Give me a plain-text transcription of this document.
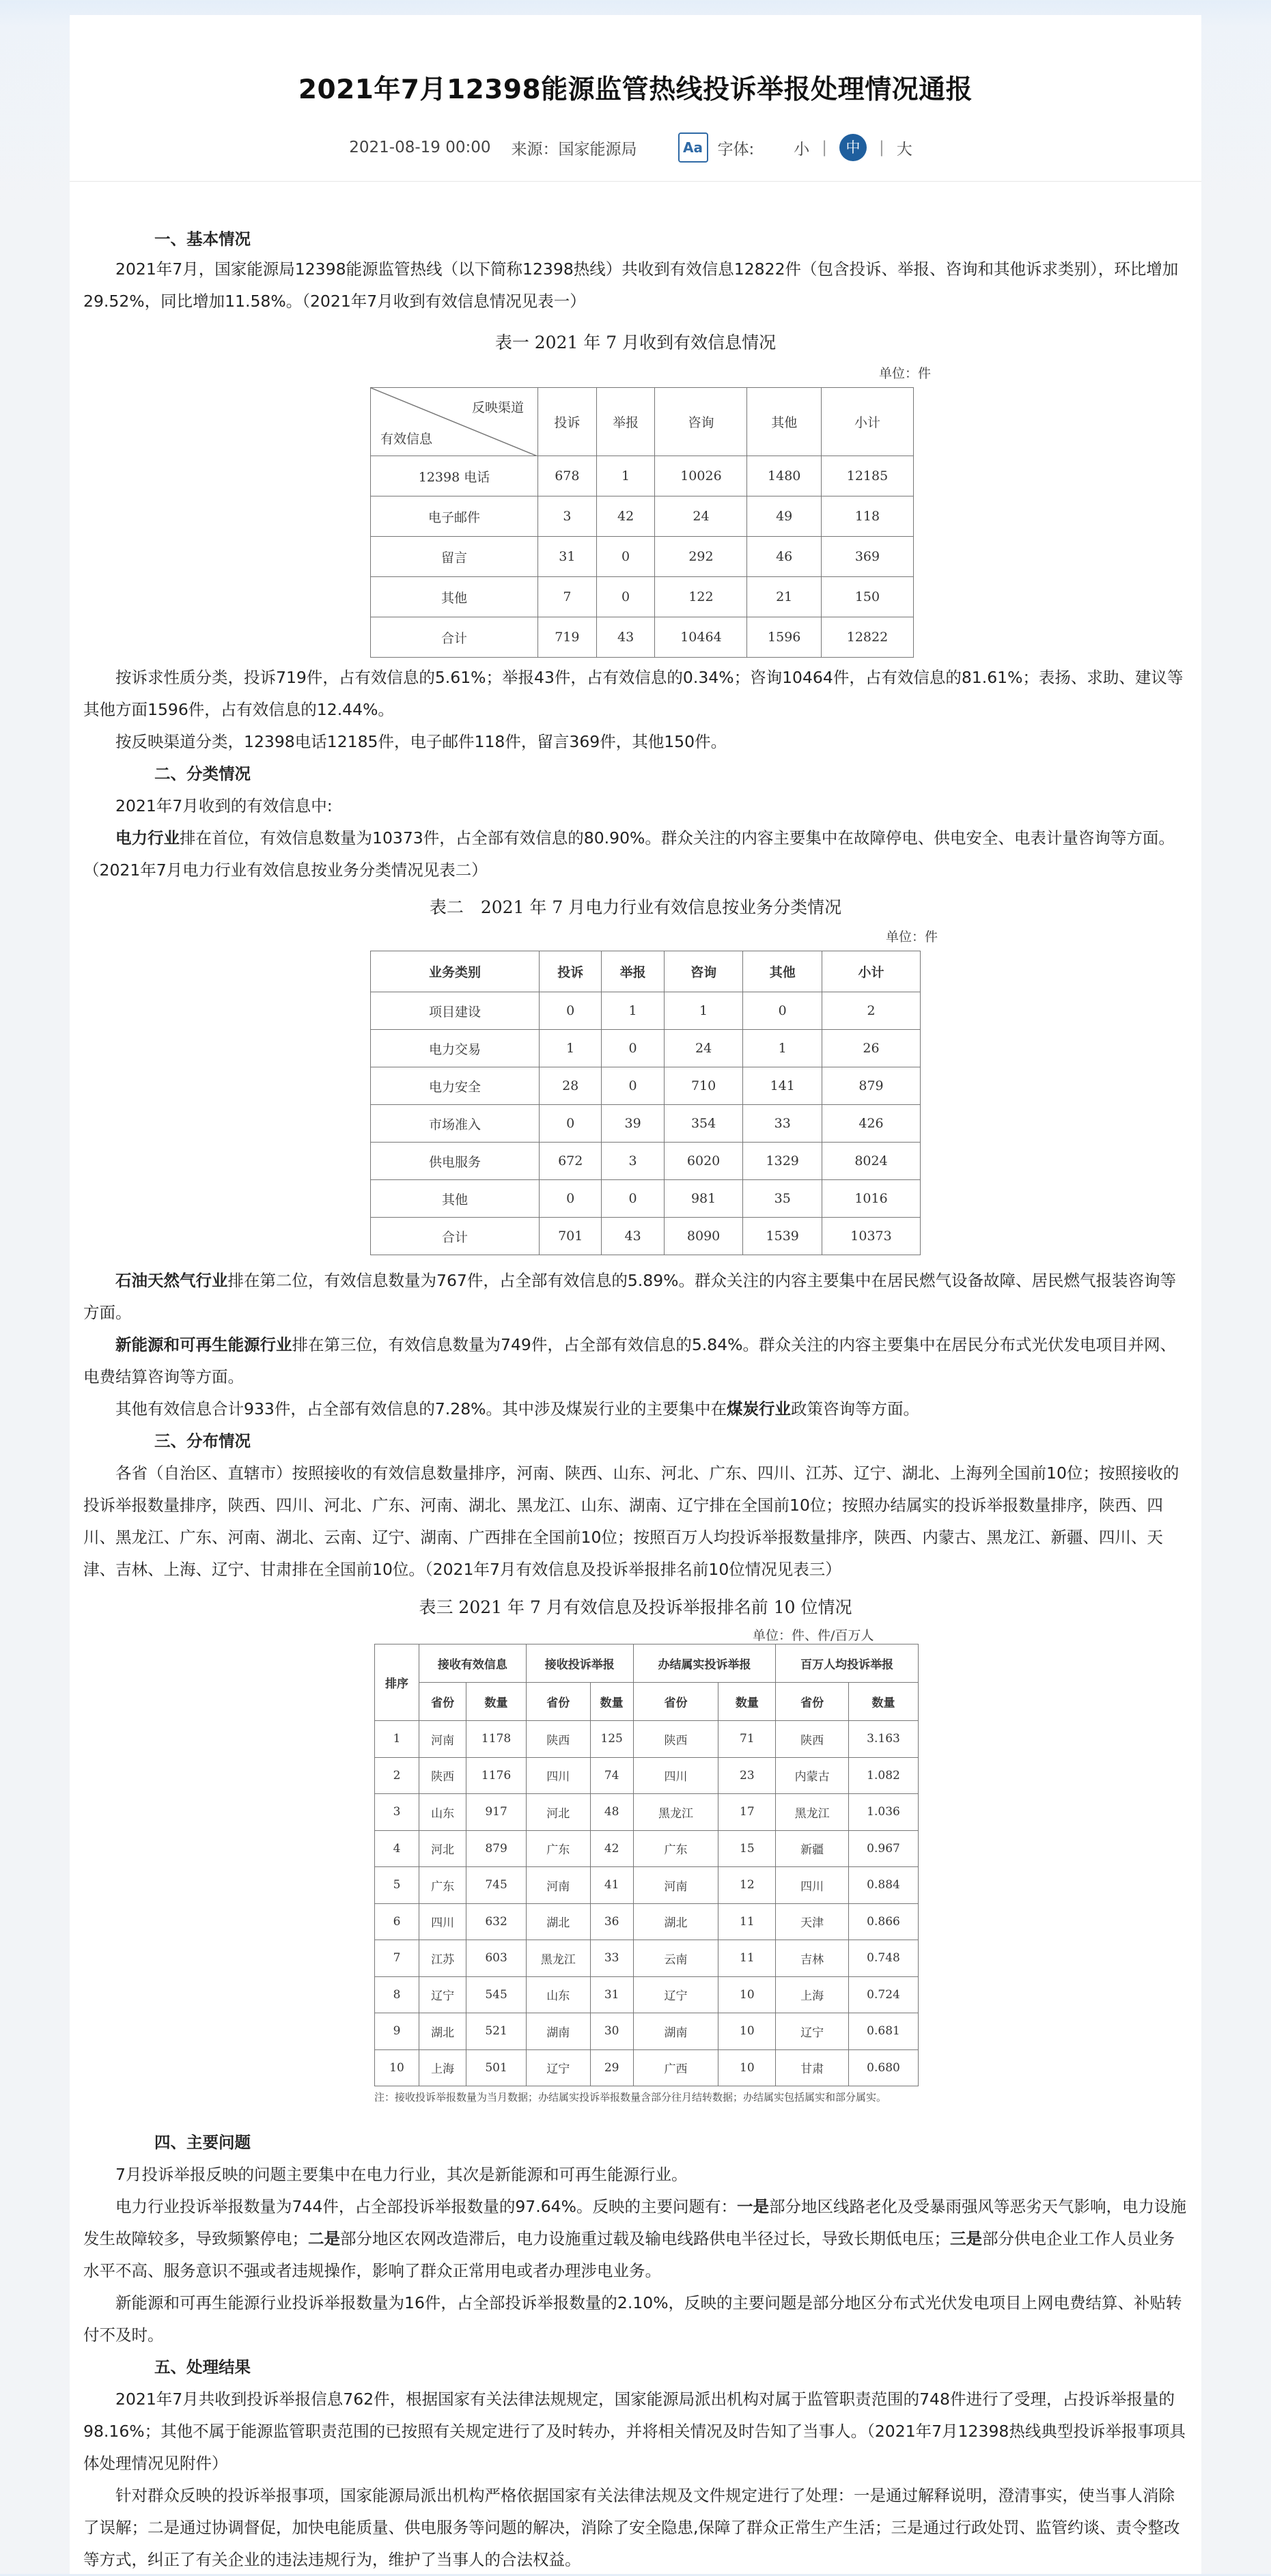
2021年7月12398能源监管热线投诉举报处理情况通报
2021-08-19 00:00 来源：国家能源局	Aa 字体:	小 |	中	| 大
一、基本情况
2021年7月，国家能源局12398能源监管热线（以下简称12398热线）共收到有效信息12822件（包含投诉、举报、咨询和其他诉求类别），环比增加29.52%，同比增加11.58%。（2021年7月收到有效信息情况见表一）
表一 2021 年 7 月收到有效信息情况
单位：件
反映渠道
有效信息	投诉	举报	咨询	其他	小计
12398 电话	678	1	10026	1480	12185
电子邮件	3	42	24	49	118
留言	31	0	292	46	369
其他	7	0	122	21	150
合计	719	43	10464	1596	12822
按诉求性质分类，投诉719件，占有效信息的5.61%；举报43件，占有效信息的0.34%；咨询10464件，占有效信息的81.61%；表扬、求助、建议等其他方面1596件，占有效信息的12.44%。
按反映渠道分类，12398电话12185件，电子邮件118件，留言369件，其他150件。
二、分类情况
2021年7月收到的有效信息中:
电力行业排在首位，有效信息数量为10373件，占全部有效信息的80.90%。群众关注的内容主要集中在故障停电、供电安全、电表计量咨询等方面。（2021年7月电力行业有效信息按业务分类情况见表二）
表二　2021 年 7 月电力行业有效信息按业务分类情况
单位：件
业务类别	投诉	举报	咨询	其他	小计
项目建设	0	1	1	0	2
电力交易	1	0	24	1	26
电力安全	28	0	710	141	879
市场准入	0	39	354	33	426
供电服务	672	3	6020	1329	8024
其他	0	0	981	35	1016
合计	701	43	8090	1539	10373
石油天然气行业排在第二位，有效信息数量为767件，占全部有效信息的5.89%。群众关注的内容主要集中在居民燃气设备故障、居民燃气报装咨询等方面。
新能源和可再生能源行业排在第三位，有效信息数量为749件，占全部有效信息的5.84%。群众关注的内容主要集中在居民分布式光伏发电项目并网、电费结算咨询等方面。
其他有效信息合计933件，占全部有效信息的7.28%。其中涉及煤炭行业的主要集中在煤炭行业政策咨询等方面。
三、分布情况
各省（自治区、直辖市）按照接收的有效信息数量排序，河南、陕西、山东、河北、广东、四川、江苏、辽宁、湖北、上海列全国前10位；按照接收的投诉举报数量排序，陕西、四川、河北、广东、河南、湖北、黑龙江、山东、湖南、辽宁排在全国前10位；按照办结属实的投诉举报数量排序，陕西、四川、黑龙江、广东、河南、湖北、云南、辽宁、湖南、广西排在全国前10位；按照百万人均投诉举报数量排序，陕西、内蒙古、黑龙江、新疆、四川、天津、吉林、上海、辽宁、甘肃排在全国前10位。（2021年7月有效信息及投诉举报排名前10位情况见表三）
表三 2021 年 7 月有效信息及投诉举报排名前 10 位情况
单位：件、件/百万人
排序	接收有效信息		接收投诉举报		办结属实投诉举报		百万人均投诉举报	
	省份	数量	省份	数量	省份	数量	省份	数量
1	河南	1178	陕西	125	陕西	71	陕西	3.163
2	陕西	1176	四川	74	四川	23	内蒙古	1.082
3	山东	917	河北	48	黑龙江	17	黑龙江	1.036
4	河北	879	广东	42	广东	15	新疆	0.967
5	广东	745	河南	41	河南	12	四川	0.884
6	四川	632	湖北	36	湖北	11	天津	0.866
7	江苏	603	黑龙江	33	云南	11	吉林	0.748
8	辽宁	545	山东	31	辽宁	10	上海	0.724
9	湖北	521	湖南	30	湖南	10	辽宁	0.681
10	上海	501	辽宁	29	广西	10	甘肃	0.680
注：接收投诉举报数量为当月数据；办结属实投诉举报数量含部分往月结转数据；办结属实包括属实和部分属实。
四、主要问题
7月投诉举报反映的问题主要集中在电力行业，其次是新能源和可再生能源行业。
电力行业投诉举报数量为744件，占全部投诉举报数量的97.64%。反映的主要问题有：一是部分地区线路老化及受暴雨强风等恶劣天气影响，电力设施发生故障较多，导致频繁停电；二是部分地区农网改造滞后，电力设施重过载及输电线路供电半径过长，导致长期低电压；三是部分供电企业工作人员业务水平不高、服务意识不强或者违规操作，影响了群众正常用电或者办理涉电业务。
新能源和可再生能源行业投诉举报数量为16件，占全部投诉举报数量的2.10%，反映的主要问题是部分地区分布式光伏发电项目上网电费结算、补贴转付不及时。
五、处理结果
2021年7月共收到投诉举报信息762件，根据国家有关法律法规规定，国家能源局派出机构对属于监管职责范围的748件进行了受理，占投诉举报量的98.16%；其他不属于能源监管职责范围的已按照有关规定进行了及时转办，并将相关情况及时告知了当事人。（2021年7月12398热线典型投诉举报事项具体处理情况见附件）
针对群众反映的投诉举报事项，国家能源局派出机构严格依据国家有关法律法规及文件规定进行了处理：一是通过解释说明，澄清事实，使当事人消除了误解；二是通过协调督促，加快电能质量、供电服务等问题的解决，消除了安全隐患,保障了群众正常生产生活；三是通过行政处罚、监管约谈、责令整改等方式，纠正了有关企业的违法违规行为，维护了当事人的合法权益。
